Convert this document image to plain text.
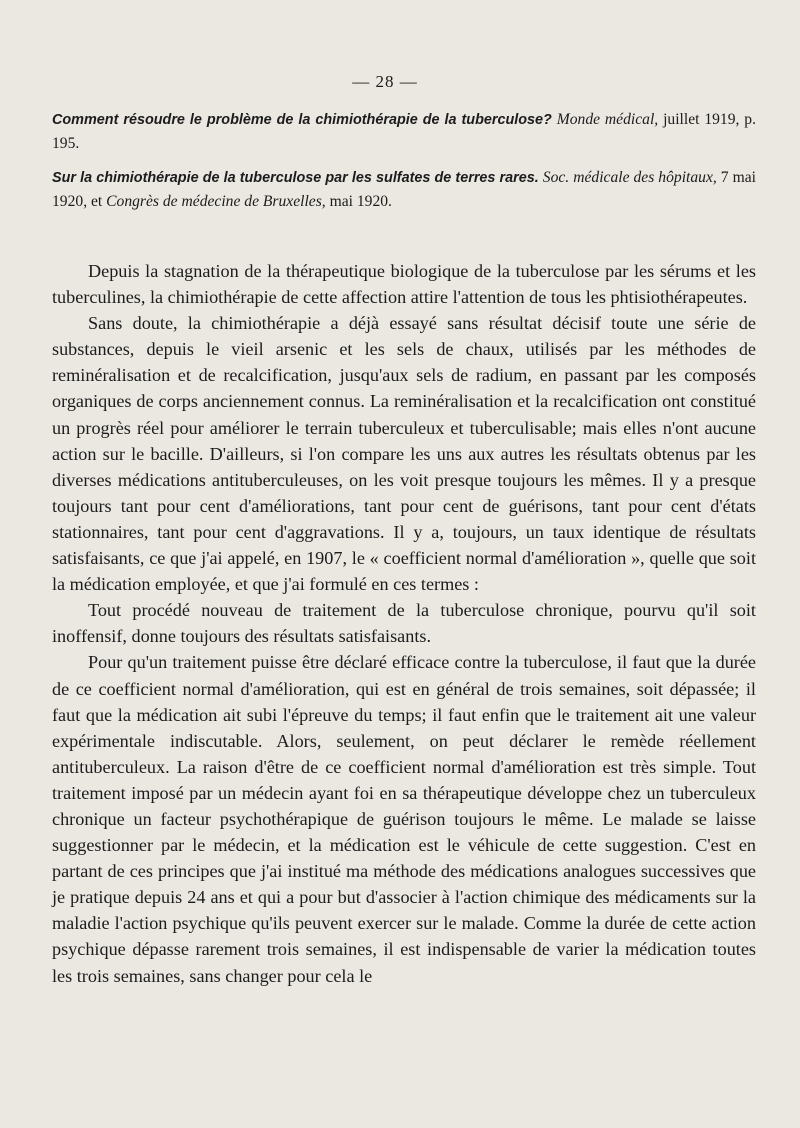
— 28 —

Comment résoudre le problème de la chimiothérapie de la tuberculose? Monde médical, juillet 1919, p. 195.

Sur la chimiothérapie de la tuberculose par les sulfates de terres rares. Soc. médicale des hôpitaux, 7 mai 1920, et Congrès de médecine de Bruxelles, mai 1920.

Depuis la stagnation de la thérapeutique biologique de la tuberculose par les sérums et les tuberculines, la chimiothérapie de cette affection attire l'attention de tous les phtisiothérapeutes.

Sans doute, la chimiothérapie a déjà essayé sans résultat décisif toute une série de substances, depuis le vieil arsenic et les sels de chaux, utilisés par les méthodes de reminéralisation et de recalcification, jusqu'aux sels de radium, en passant par les composés organiques de corps anciennement connus. La reminéralisation et la recalcification ont constitué un progrès réel pour améliorer le terrain tuberculeux et tuberculisable; mais elles n'ont aucune action sur le bacille. D'ailleurs, si l'on compare les uns aux autres les résultats obtenus par les diverses médications antituberculeuses, on les voit presque toujours les mêmes. Il y a presque toujours tant pour cent d'améliorations, tant pour cent de guérisons, tant pour cent d'états stationnaires, tant pour cent d'aggravations. Il y a, toujours, un taux identique de résultats satisfaisants, ce que j'ai appelé, en 1907, le « coefficient normal d'amélioration », quelle que soit la médication employée, et que j'ai formulé en ces termes :

Tout procédé nouveau de traitement de la tuberculose chronique, pourvu qu'il soit inoffensif, donne toujours des résultats satisfaisants.

Pour qu'un traitement puisse être déclaré efficace contre la tuberculose, il faut que la durée de ce coefficient normal d'amélioration, qui est en général de trois semaines, soit dépassée; il faut que la médication ait subi l'épreuve du temps; il faut enfin que le traitement ait une valeur expérimentale indiscutable. Alors, seulement, on peut déclarer le remède réellement antituberculeux. La raison d'être de ce coefficient normal d'amélioration est très simple. Tout traitement imposé par un médecin ayant foi en sa thérapeutique développe chez un tuberculeux chronique un facteur psychothérapique de guérison toujours le même. Le malade se laisse suggestionner par le médecin, et la médication est le véhicule de cette suggestion. C'est en partant de ces principes que j'ai institué ma méthode des médications analogues successives que je pratique depuis 24 ans et qui a pour but d'associer à l'action chimique des médicaments sur la maladie l'action psychique qu'ils peuvent exercer sur le malade. Comme la durée de cette action psychique dépasse rarement trois semaines, il est indispensable de varier la médication toutes les trois semaines, sans changer pour cela le
